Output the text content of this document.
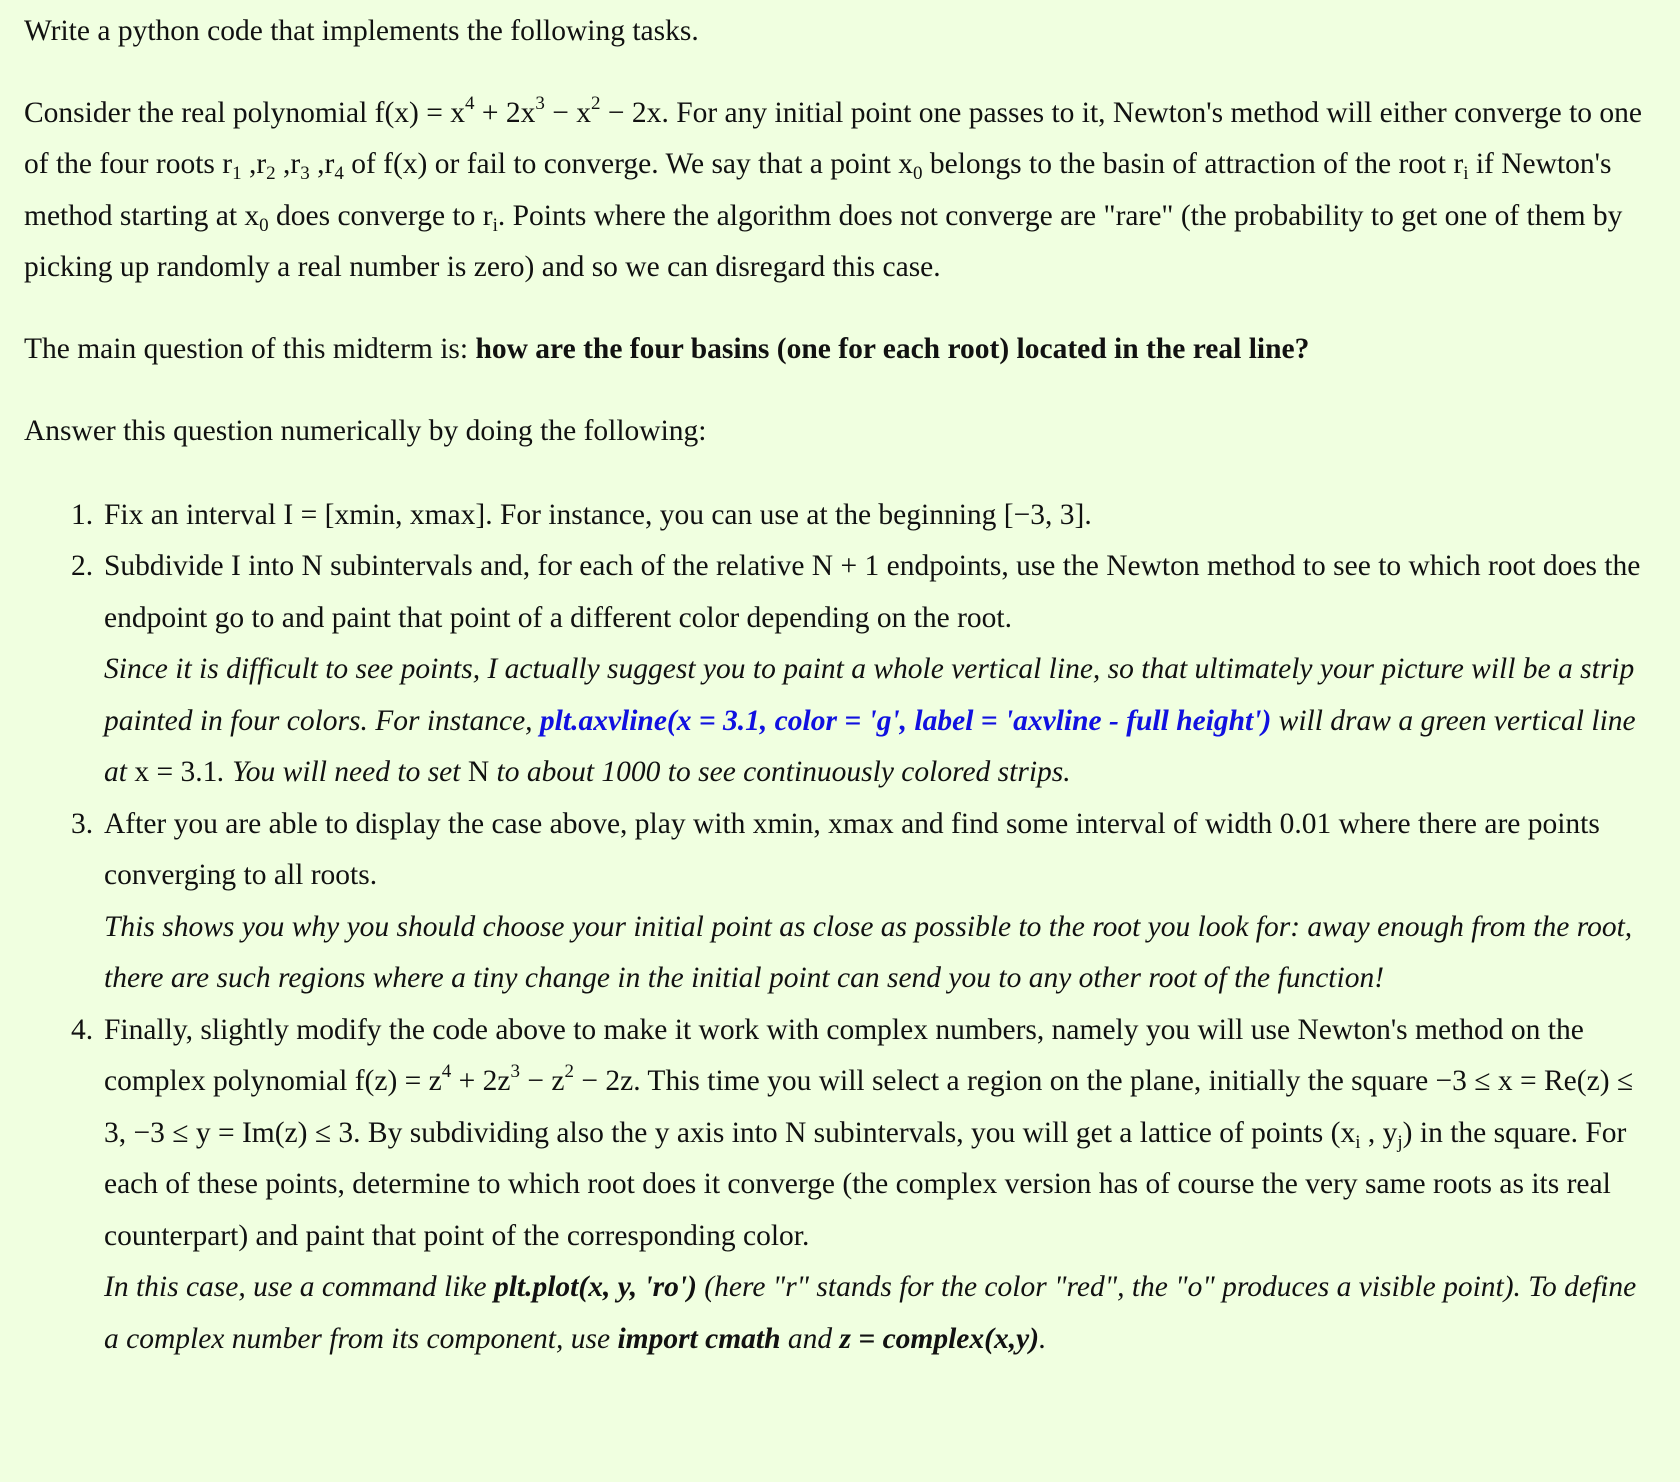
Write a python code that implements the following tasks.

Consider the real polynomial $f(x) = x^4 + 2x^3 - x^2 - 2x$. For any initial point one passes to it, Newton's method will either converge to one of the four roots $r_1$ $,r_2$ $,r_3$ $,r_4$ of f(x) or fail to converge. We say that a point $x_0$ belongs to the basin of attraction of the root $r_i$ if Newton's method starting at $x_0$ does converge to $r_i$. Points where the algorithm does not converge are "rare" (the probability to get one of them by picking up randomly a real number is zero) and so we can disregard this case.

The main question of this midterm is: how are the four basins (one for each root) located in the real line?

Answer this question numerically by doing the following:

1. Fix an interval I = [xmin, xmax]. For instance, you can use at the beginning [−3, 3].
2. Subdivide I into N subintervals and, for each of the relative N + 1 endpoints, use the Newton method to see to which root does the endpoint go to and paint that point of a different color depending on the root.
Since it is difficult to see points, I actually suggest you to paint a whole vertical line, so that ultimately your picture will be a strip painted in four colors. For instance, plt.axvline(x = 3.1, color = 'g', label = 'axvline - full height') will draw a green vertical line at x = 3.1. You will need to set N to about 1000 to see continuously colored strips.
3. After you are able to display the case above, play with xmin, xmax and find some interval of width 0.01 where there are points converging to all roots.
This shows you why you should choose your initial point as close as possible to the root you look for: away enough from the root, there are such regions where a tiny change in the initial point can send you to any other root of the function!
4. Finally, slightly modify the code above to make it work with complex numbers, namely you will use Newton's method on the complex polynomial $f(z) = z^4 + 2z^3 - z^2 - 2z$. This time you will select a region on the plane, initially the square −3 ≤ x = Re(z) ≤ 3, −3 ≤ y = Im(z) ≤ 3. By subdividing also the y axis into N subintervals, you will get a lattice of points ($x_i$ , $y_j$) in the square. For each of these points, determine to which root does it converge (the complex version has of course the very same roots as its real counterpart) and paint that point of the corresponding color.
In this case, use a command like plt.plot(x, y, 'ro') (here "r" stands for the color "red", the "o" produces a visible point). To define a complex number from its component, use import cmath and z = complex(x,y).
